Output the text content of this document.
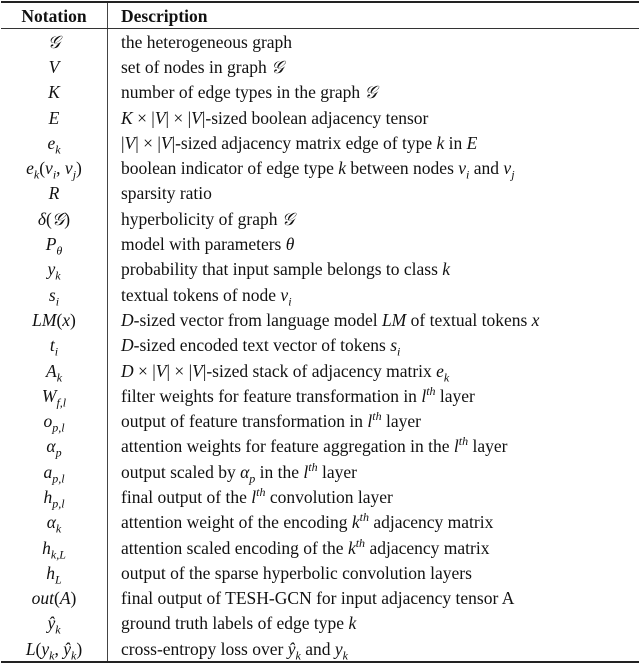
Notation	Description
𝒢	the heterogeneous graph
V	set of nodes in graph 𝒢
K	number of edge types in the graph 𝒢
E	K × |V| × |V|-sized boolean adjacency tensor
$e_k$	|V| × |V|-sized adjacency matrix edge of type k in E
$e_k(v_i$, $v_j$)	boolean indicator of edge type k between nodes $v_i$ and $v_j$
R	sparsity ratio
δ(𝒢)	hyperbolicity of graph 𝒢
$P_\theta$	model with parameters θ
$y_k$	probability that input sample belongs to class k
$s_i$	textual tokens of node $v_i$
LM(x)	D-sized vector from language model LM of textual tokens x
$t_i$	D-sized encoded text vector of tokens $s_i$
$A_k$	D × |V| × |V|-sized stack of adjacency matrix $e_k$
$W_{f,l}$	filter weights for feature transformation in $l^{th}$ layer
$o_{p,l}$	output of feature transformation in $l^{th}$ layer
$\alpha_p$	attention weights for feature aggregation in the $l^{th}$ layer
$a_{p,l}$	output scaled by $\alpha_p$ in the $l^{th}$ layer
$h_{p,l}$	final output of the $l^{th}$ convolution layer
$\alpha_k$	attention weight of the encoding $k^{th}$ adjacency matrix
$h_{k,L}$	attention scaled encoding of the $k^{th}$ adjacency matrix
$h_L$	output of the sparse hyperbolic convolution layers
out(A)	final output of TESH-GCN for input adjacency tensor A
$ŷ_k$	ground truth labels of edge type k
$L(y_k$, $ŷ_k$)	cross-entropy loss over $ŷ_k$ and $y_k$
